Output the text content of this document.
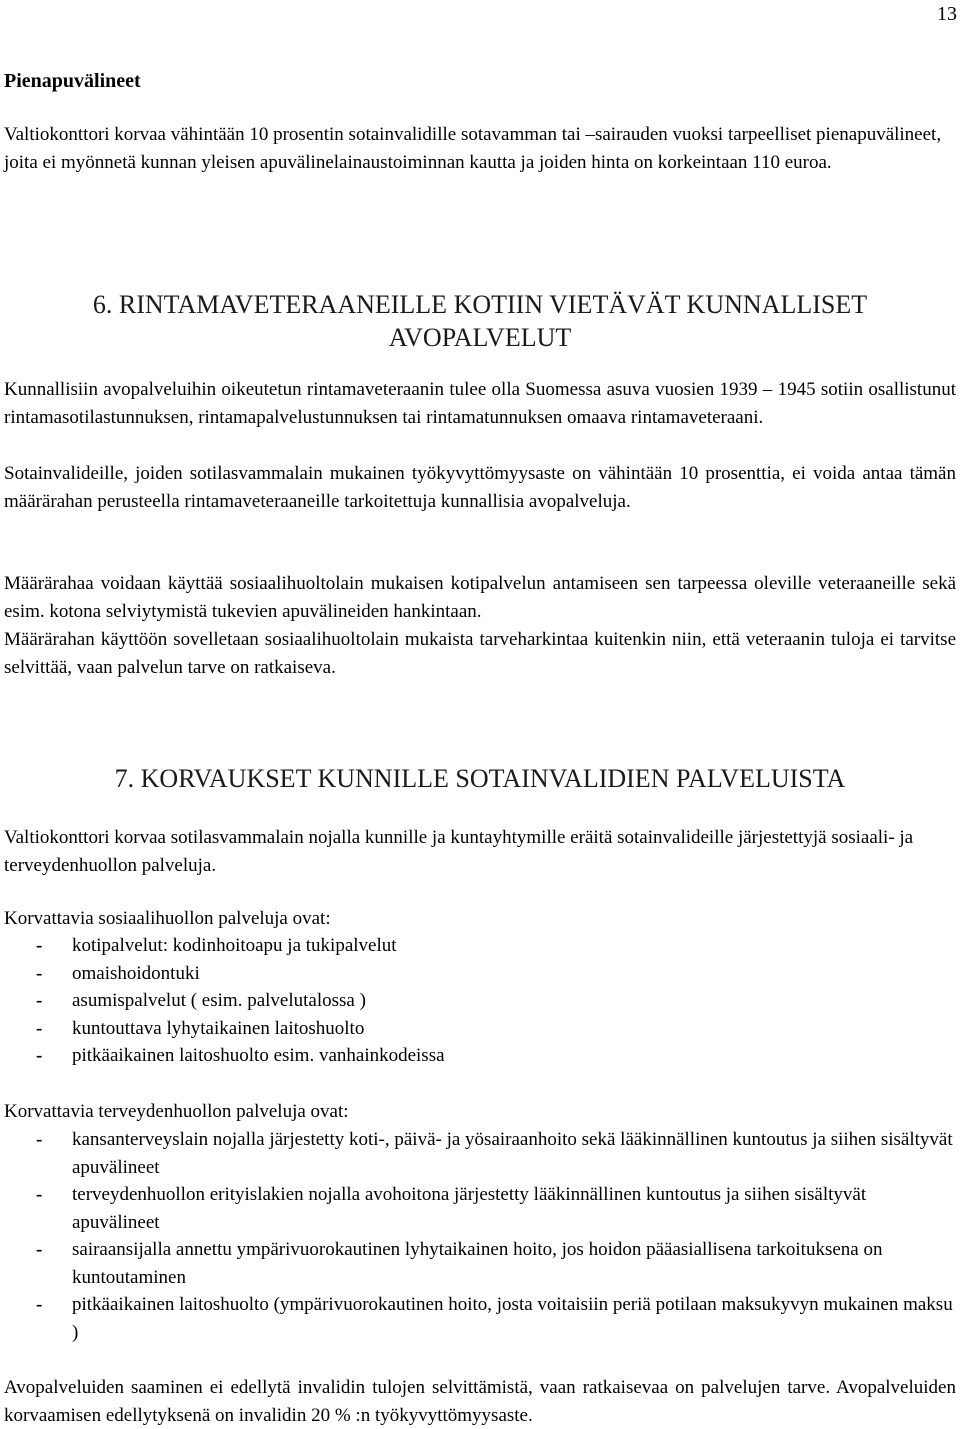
13
Pienapuvälineet

Valtiokonttori korvaa vähintään 10 prosentin sotainvalidille sotavamman tai –sairauden vuoksi tarpeelliset pienapuvälineet, joita ei myönnetä kunnan yleisen apuvälinelainaustoiminnan kautta ja joiden hinta on korkeintaan 110 euroa.

6. RINTAMAVETERAANEILLE KOTIIN VIETÄVÄT KUNNALLISET
AVOPALVELUT

Kunnallisiin avopalveluihin oikeutetun rintamaveteraanin tulee olla Suomessa asuva vuosien 1939 – 1945 sotiin osallistunut rintamasotilastunnuksen, rintamapalvelustunnuksen tai rintamatunnuksen omaava rintamaveteraani.

Sotainvalideille, joiden sotilasvammalain mukainen työkyvyttömyysaste on vähintään 10 prosenttia, ei voida antaa tämän määrärahan perusteella rintamaveteraaneille tarkoitettuja kunnallisia avopalveluja.

Määrärahaa voidaan käyttää sosiaalihuoltolain mukaisen kotipalvelun antamiseen sen tarpeessa oleville veteraaneille sekä esim. kotona selviytymistä tukevien apuvälineiden hankintaan.

Määrärahan käyttöön sovelletaan sosiaalihuoltolain mukaista tarveharkintaa kuitenkin niin, että veteraanin tuloja ei tarvitse selvittää, vaan palvelun tarve on ratkaiseva.

7. KORVAUKSET KUNNILLE SOTAINVALIDIEN PALVELUISTA

Valtiokonttori korvaa sotilasvammalain nojalla kunnille ja kuntayhtymille eräitä sotainvalideille järjestettyjä sosiaali- ja terveydenhuollon palveluja.

Korvattavia sosiaalihuollon palveluja ovat:

- kotipalvelut: kodinhoitoapu ja tukipalvelut
- omaishoidontuki
- asumispalvelut ( esim. palvelutalossa )
- kuntouttava lyhytaikainen laitoshuolto
- pitkäaikainen laitoshuolto esim. vanhainkodeissa

Korvattavia terveydenhuollon palveluja ovat:

- kansanterveyslain nojalla järjestetty koti-, päivä- ja yösairaanhoito sekä lääkinnällinen kuntoutus ja siihen sisältyvät apuvälineet
- terveydenhuollon erityislakien nojalla avohoitona järjestetty lääkinnällinen kuntoutus ja siihen sisältyvät apuvälineet
- sairaansijalla annettu ympärivuorokautinen lyhytaikainen hoito, jos hoidon pääasiallisena tarkoituksena on kuntoutaminen
- pitkäaikainen laitoshuolto (ympärivuorokautinen hoito, josta voitaisiin periä potilaan maksukyvyn mukainen maksu )

Avopalveluiden saaminen ei edellytä invalidin tulojen selvittämistä, vaan ratkaisevaa on palvelujen tarve. Avopalveluiden korvaamisen edellytyksenä on invalidin 20 % :n työkyvyttömyysaste.
